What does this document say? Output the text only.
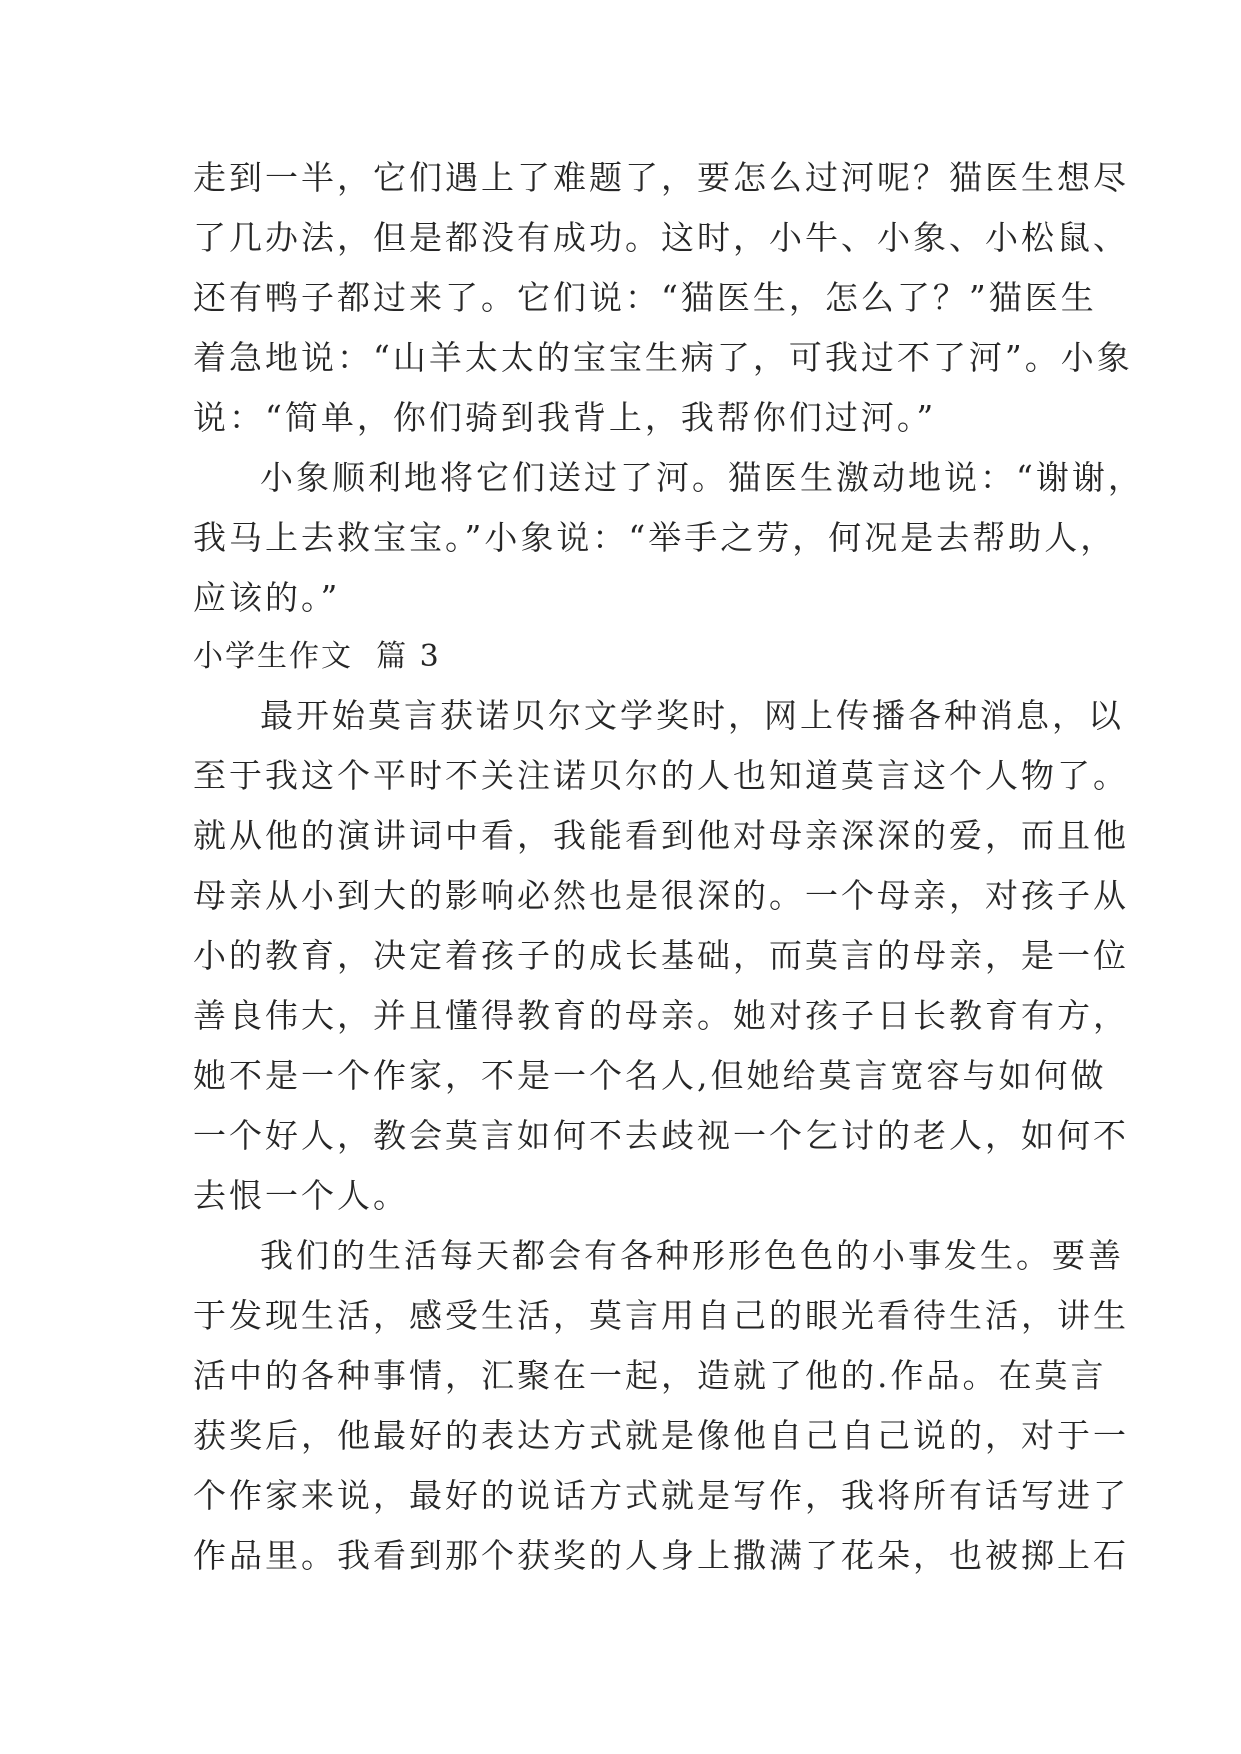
走到一半，它们遇上了难题了，要怎么过河呢？猫医生想尽
了几办法，但是都没有成功。这时，小牛、小象、小松鼠、
还有鸭子都过来了。它们说：“猫医生，怎么了？”猫医生
着急地说：“山羊太太的宝宝生病了，可我过不了河”。小象
说：“简单，你们骑到我背上，我帮你们过河。”
小象顺利地将它们送过了河。猫医生激动地说：“谢谢，
我马上去救宝宝。”小象说：“举手之劳，何况是去帮助人，
应该的。”
小学生作文  篇 3
最开始莫言获诺贝尔文学奖时，网上传播各种消息，以
至于我这个平时不关注诺贝尔的人也知道莫言这个人物了。
就从他的演讲词中看，我能看到他对母亲深深的爱，而且他
母亲从小到大的影响必然也是很深的。一个母亲，对孩子从
小的教育，决定着孩子的成长基础，而莫言的母亲，是一位
善良伟大，并且懂得教育的母亲。她对孩子日长教育有方，
她不是一个作家，不是一个名人,但她给莫言宽容与如何做
一个好人，教会莫言如何不去歧视一个乞讨的老人，如何不
去恨一个人。
我们的生活每天都会有各种形形色色的小事发生。要善
于发现生活，感受生活，莫言用自己的眼光看待生活，讲生
活中的各种事情，汇聚在一起，造就了他的.作品。在莫言
获奖后，他最好的表达方式就是像他自己自己说的，对于一
个作家来说，最好的说话方式就是写作，我将所有话写进了
作品里。我看到那个获奖的人身上撒满了花朵，也被掷上石
